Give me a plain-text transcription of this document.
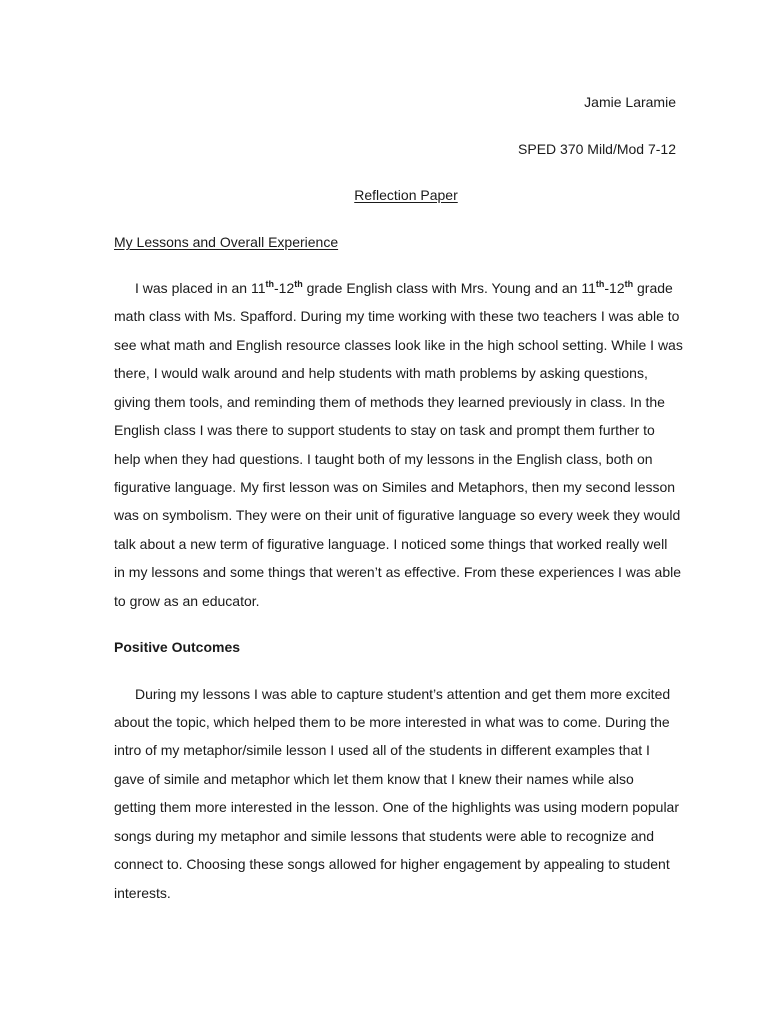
Jamie Laramie
SPED 370 Mild/Mod 7-12
Reflection Paper
My Lessons and Overall Experience
I was placed in an 11th-12th grade English class with Mrs. Young and an 11th-12th grade
math class with Ms. Spafford. During my time working with these two teachers I was able to
see what math and English resource classes look like in the high school setting. While I was
there, I would walk around and help students with math problems by asking questions,
giving them tools, and reminding them of methods they learned previously in class. In the
English class I was there to support students to stay on task and prompt them further to
help when they had questions. I taught both of my lessons in the English class, both on
figurative language. My first lesson was on Similes and Metaphors, then my second lesson
was on symbolism. They were on their unit of figurative language so every week they would
talk about a new term of figurative language. I noticed some things that worked really well
in my lessons and some things that weren’t as effective. From these experiences I was able
to grow as an educator.
Positive Outcomes
During my lessons I was able to capture student’s attention and get them more excited
about the topic, which helped them to be more interested in what was to come. During the
intro of my metaphor/simile lesson I used all of the students in different examples that I
gave of simile and metaphor which let them know that I knew their names while also
getting them more interested in the lesson. One of the highlights was using modern popular
songs during my metaphor and simile lessons that students were able to recognize and
connect to. Choosing these songs allowed for higher engagement by appealing to student
interests.
